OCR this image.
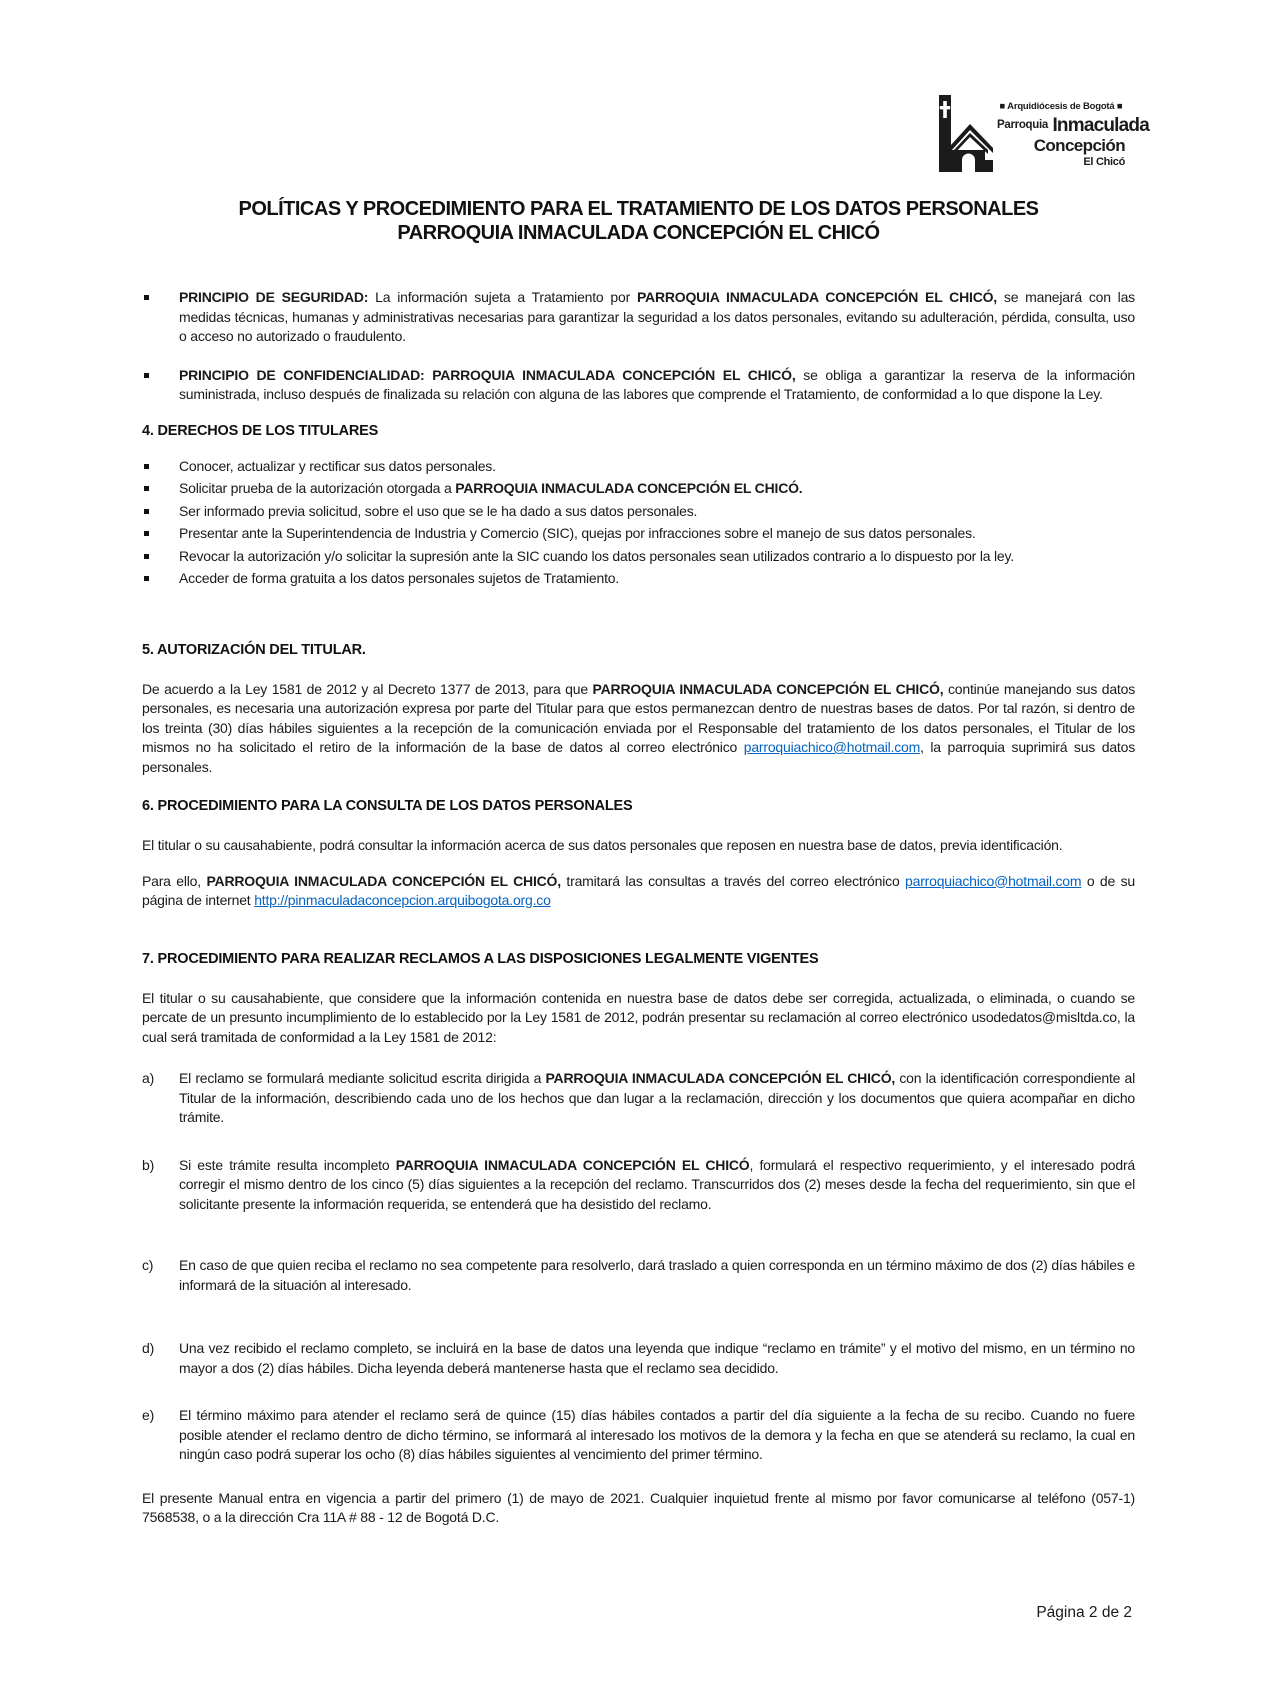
■ Arquidiócesis de Bogotá ■
Parroquia Inmaculada
Concepción
El Chicó
POLÍTICAS Y PROCEDIMIENTO PARA EL TRATAMIENTO DE LOS DATOS PERSONALES
PARROQUIA INMACULADA CONCEPCIÓN EL CHICÓ
PRINCIPIO DE SEGURIDAD: La información sujeta a Tratamiento por PARROQUIA INMACULADA CONCEPCIÓN EL CHICÓ, se manejará con las medidas técnicas, humanas y administrativas necesarias para garantizar la seguridad a los datos personales, evitando su adulteración, pérdida, consulta, uso o acceso no autorizado o fraudulento.
PRINCIPIO DE CONFIDENCIALIDAD: PARROQUIA INMACULADA CONCEPCIÓN EL CHICÓ, se obliga a garantizar la reserva de la información suministrada, incluso después de finalizada su relación con alguna de las labores que comprende el Tratamiento, de conformidad a lo que dispone la Ley.
4. DERECHOS DE LOS TITULARES
Conocer, actualizar y rectificar sus datos personales.
Solicitar prueba de la autorización otorgada a PARROQUIA INMACULADA CONCEPCIÓN EL CHICÓ.
Ser informado previa solicitud, sobre el uso que se le ha dado a sus datos personales.
Presentar ante la Superintendencia de Industria y Comercio (SIC), quejas por infracciones sobre el manejo de sus datos personales.
Revocar la autorización y/o solicitar la supresión ante la SIC cuando los datos personales sean utilizados contrario a lo dispuesto por la ley.
Acceder de forma gratuita a los datos personales sujetos de Tratamiento.
5. AUTORIZACIÓN DEL TITULAR.
De acuerdo a la Ley 1581 de 2012 y al Decreto 1377 de 2013, para que PARROQUIA INMACULADA CONCEPCIÓN EL CHICÓ, continúe manejando sus datos personales, es necesaria una autorización expresa por parte del Titular para que estos permanezcan dentro de nuestras bases de datos. Por tal razón, si dentro de los treinta (30) días hábiles siguientes a la recepción de la comunicación enviada por el Responsable del tratamiento de los datos personales, el Titular de los mismos no ha solicitado el retiro de la información de la base de datos al correo electrónico parroquiachico@hotmail.com, la parroquia suprimirá sus datos personales.
6. PROCEDIMIENTO PARA LA CONSULTA DE LOS DATOS PERSONALES
El titular o su causahabiente, podrá consultar la información acerca de sus datos personales que reposen en nuestra base de datos, previa identificación.
Para ello, PARROQUIA INMACULADA CONCEPCIÓN EL CHICÓ, tramitará las consultas a través del correo electrónico parroquiachico@hotmail.com o de su página de internet http://pinmaculadaconcepcion.arquibogota.org.co
7. PROCEDIMIENTO PARA REALIZAR RECLAMOS A LAS DISPOSICIONES LEGALMENTE VIGENTES
El titular o su causahabiente, que considere que la información contenida en nuestra base de datos debe ser corregida, actualizada, o eliminada, o cuando se percate de un presunto incumplimiento de lo establecido por la Ley 1581 de 2012, podrán presentar su reclamación al correo electrónico usodedatos@misltda.co, la cual será tramitada de conformidad a la Ley 1581 de 2012:
a)	El reclamo se formulará mediante solicitud escrita dirigida a PARROQUIA INMACULADA CONCEPCIÓN EL CHICÓ, con la identificación correspondiente al Titular de la información, describiendo cada uno de los hechos que dan lugar a la reclamación, dirección y los documentos que quiera acompañar en dicho trámite.
b)	Si este trámite resulta incompleto PARROQUIA INMACULADA CONCEPCIÓN EL CHICÓ, formulará el respectivo requerimiento, y el interesado podrá corregir el mismo dentro de los cinco (5) días siguientes a la recepción del reclamo. Transcurridos dos (2) meses desde la fecha del requerimiento, sin que el solicitante presente la información requerida, se entenderá que ha desistido del reclamo.
c)	En caso de que quien reciba el reclamo no sea competente para resolverlo, dará traslado a quien corresponda en un término máximo de dos (2) días hábiles e informará de la situación al interesado.
d)	Una vez recibido el reclamo completo, se incluirá en la base de datos una leyenda que indique “reclamo en trámite” y el motivo del mismo, en un término no mayor a dos (2) días hábiles. Dicha leyenda deberá mantenerse hasta que el reclamo sea decidido.
e)	El término máximo para atender el reclamo será de quince (15) días hábiles contados a partir del día siguiente a la fecha de su recibo. Cuando no fuere posible atender el reclamo dentro de dicho término, se informará al interesado los motivos de la demora y la fecha en que se atenderá su reclamo, la cual en ningún caso podrá superar los ocho (8) días hábiles siguientes al vencimiento del primer término.
El presente Manual entra en vigencia a partir del primero (1) de mayo de 2021. Cualquier inquietud frente al mismo por favor comunicarse al teléfono (057-1) 7568538, o a la dirección Cra 11A # 88 - 12 de Bogotá D.C.
Página 2 de 2
